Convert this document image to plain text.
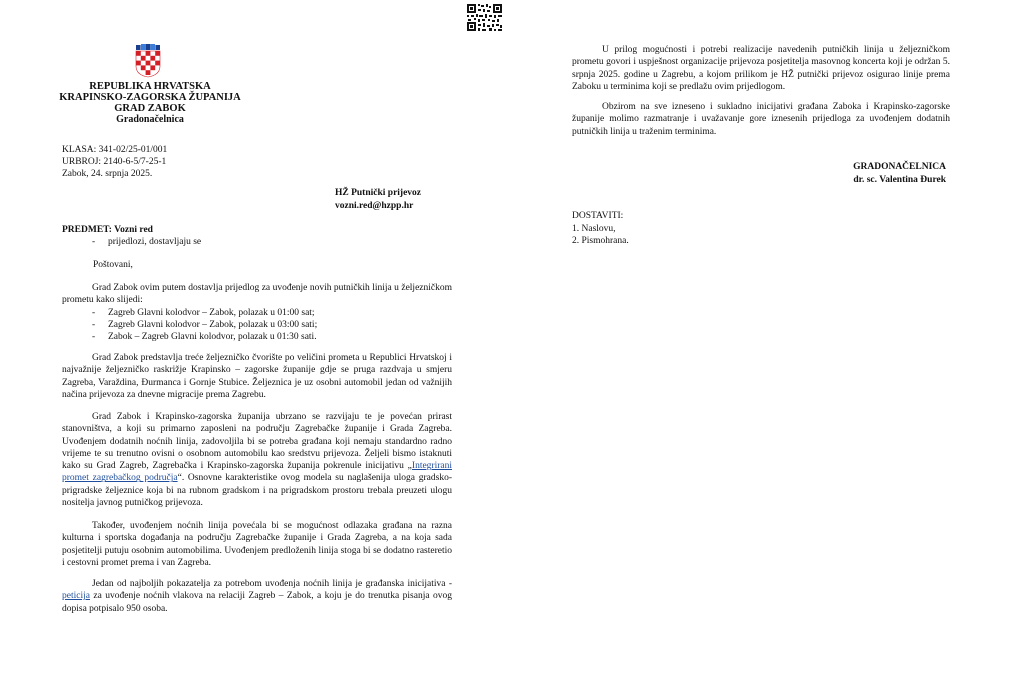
REPUBLIKA HRVATSKA
KRAPINSKO-ZAGORSKA ŽUPANIJA
GRAD ZABOK
Gradonačelnica
KLASA: 341-02/25-01/001
URBROJ: 2140-6-5/7-25-1
Zabok, 24. srpnja 2025.
HŽ Putnički prijevoz
vozni.red@hzpp.hr
PREDMET: Vozni red
-	prijedlozi, dostavljaju se
Poštovani,
Grad Zabok ovim putem dostavlja prijedlog za uvođenje novih putničkih linija u željezničkom prometu kako slijedi:
- Zagreb Glavni kolodvor – Zabok, polazak u 01:00 sat;
- Zagreb Glavni kolodvor – Zabok, polazak u 03:00 sati;
- Zabok – Zagreb Glavni kolodvor, polazak u 01:30 sati.
Grad Zabok predstavlja treće željezničko čvorište po veličini prometa u Republici Hrvatskoj i najvažnije željezničko raskrižje Krapinsko – zagorske županije gdje se pruga razdvaja u smjeru Zagreba, Varaždina, Đurmanca i Gornje Stubice. Željeznica je uz osobni automobil jedan od važnijih načina prijevoza za dnevne migracije prema Zagrebu.
Grad Zabok i Krapinsko-zagorska županija ubrzano se razvijaju te je povećan prirast stanovništva, a koji su primarno zaposleni na području Zagrebačke županije i Grada Zagreba. Uvođenjem dodatnih noćnih linija, zadovoljila bi se potreba građana koji nemaju standardno radno vrijeme te su trenutno ovisni o osobnom automobilu kao sredstvu prijevoza. Željeli bismo istaknuti kako su Grad Zagreb, Zagrebačka i Krapinsko-zagorska županija pokrenule inicijativu „Integrirani promet zagrebačkog područja“. Osnovne karakteristike ovog modela su naglašenija uloga gradsko-prigradske željeznice koja bi na rubnom gradskom i na prigradskom prostoru trebala preuzeti ulogu nositelja javnog putničkog prijevoza.
Također, uvođenjem noćnih linija povećala bi se mogućnost odlazaka građana na razna kulturna i sportska događanja na području Zagrebačke županije i Grada Zagreba, a na koja sada posjetitelji putuju osobnim automobilima. Uvođenjem predloženih linija stoga bi se dodatno rasteretio i cestovni promet prema i van Zagreba.
Jedan od najboljih pokazatelja za potrebom uvođenja noćnih linija je građanska inicijativa - peticija za uvođenje noćnih vlakova na relaciji Zagreb – Zabok, a koju je do trenutka pisanja ovog dopisa potpisalo 950 osoba.
U prilog mogućnosti i potrebi realizacije navedenih putničkih linija u željezničkom prometu govori i uspješnost organizacije prijevoza posjetitelja masovnog koncerta koji je održan 5. srpnja 2025. godine u Zagrebu, a kojom prilikom je HŽ putnički prijevoz osigurao linije prema Zaboku u terminima koji se predlažu ovim prijedlogom.
Obzirom na sve izneseno i sukladno inicijativi građana Zaboka i Krapinsko-zagorske županije molimo razmatranje i uvažavanje gore iznesenih prijedloga za uvođenjem dodatnih putničkih linija u traženim terminima.
GRADONAČELNICA
dr. sc. Valentina Đurek
DOSTAVITI:
1. Naslovu,
2. Pismohrana.
